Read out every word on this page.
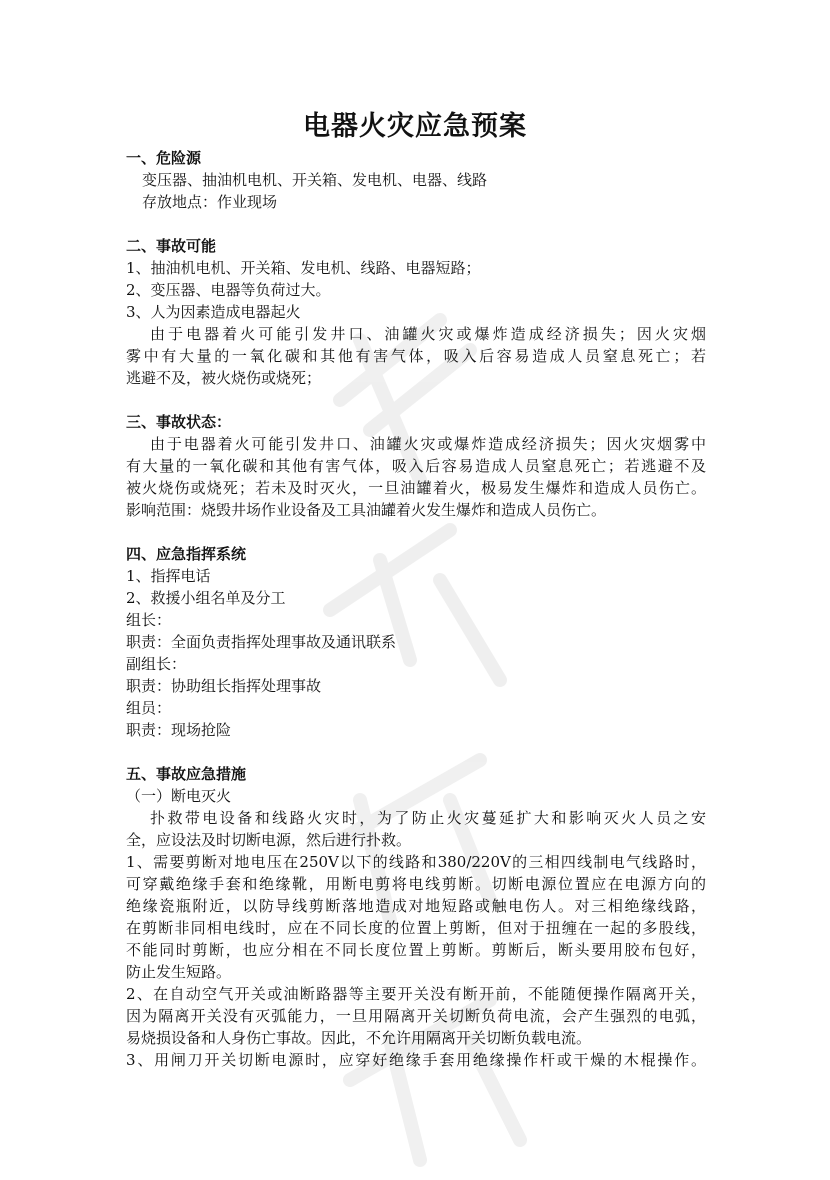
电器火灾应急预案

一、危险源

变压器、抽油机电机、开关箱、发电机、电器、线路

存放地点：作业现场

二、事故可能

1、抽油机电机、开关箱、发电机、线路、电器短路；

2、变压器、电器等负荷过大。

3、人为因素造成电器起火

由于电器着火可能引发井口、油罐火灾或爆炸造成经济损失；因火灾烟

雾中有大量的一氧化碳和其他有害气体，吸入后容易造成人员窒息死亡；若

逃避不及，被火烧伤或烧死；

三、事故状态：

由于电器着火可能引发井口、油罐火灾或爆炸造成经济损失；因火灾烟雾中

有大量的一氧化碳和其他有害气体，吸入后容易造成人员窒息死亡；若逃避不及

被火烧伤或烧死；若未及时灭火，一旦油罐着火，极易发生爆炸和造成人员伤亡。

影响范围：烧毁井场作业设备及工具油罐着火发生爆炸和造成人员伤亡。

四、应急指挥系统

1、指挥电话

2、救援小组名单及分工

组长：

职责：全面负责指挥处理事故及通讯联系

副组长：

职责：协助组长指挥处理事故

组员：

职责：现场抢险

五、事故应急措施

（一）断电灭火

扑救带电设备和线路火灾时，为了防止火灾蔓延扩大和影响灭火人员之安

全，应设法及时切断电源，然后进行扑救。

1、需要剪断对地电压在250V以下的线路和380/220V的三相四线制电气线路时，

可穿戴绝缘手套和绝缘靴，用断电剪将电线剪断。切断电源位置应在电源方向的

绝缘瓷瓶附近，以防导线剪断落地造成对地短路或触电伤人。对三相绝缘线路，

在剪断非同相电线时，应在不同长度的位置上剪断，但对于扭缠在一起的多股线，

不能同时剪断，也应分相在不同长度位置上剪断。剪断后，断头要用胶布包好，

防止发生短路。

2、在自动空气开关或油断路器等主要开关没有断开前，不能随便操作隔离开关，

因为隔离开关没有灭弧能力，一旦用隔离开关切断负荷电流，会产生强烈的电弧，

易烧损设备和人身伤亡事故。因此，不允许用隔离开关切断负载电流。

3、用闸刀开关切断电源时，应穿好绝缘手套用绝缘操作杆或干燥的木棍操作。
